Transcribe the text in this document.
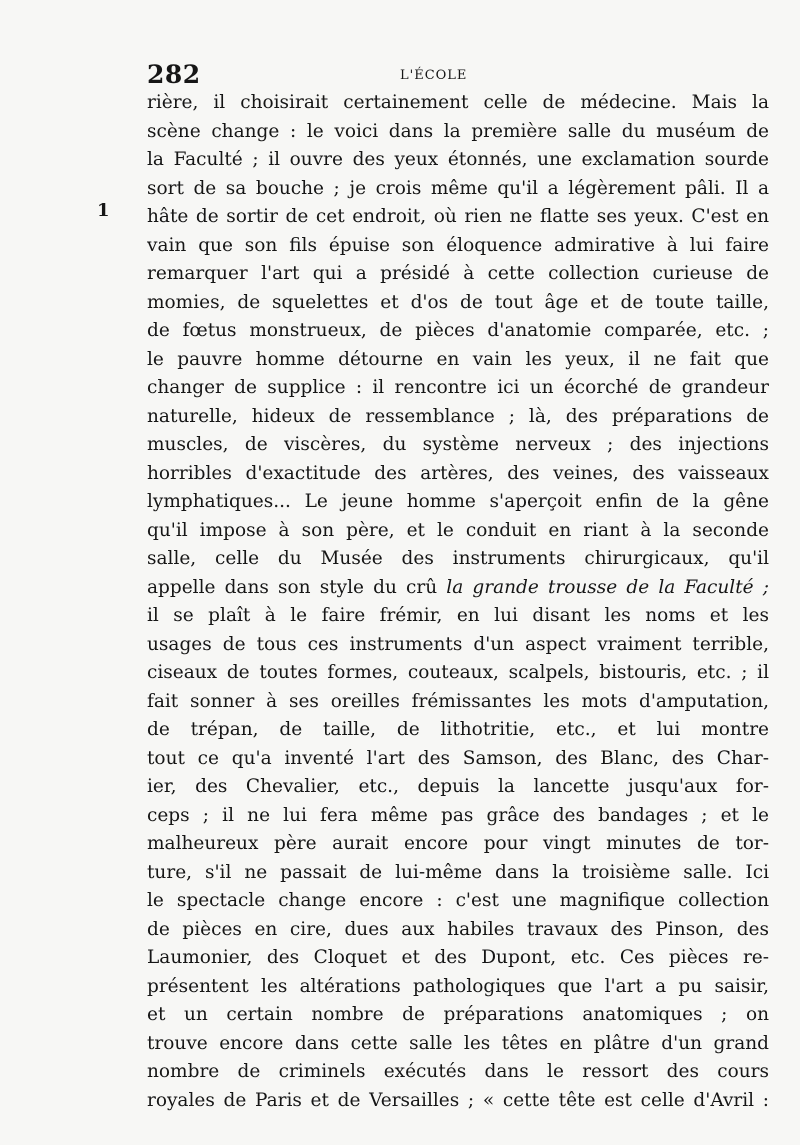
282	L'ÉCOLE
1
rière, il choisirait certainement celle de médecine. Mais la
scène change : le voici dans la première salle du muséum de
la Faculté ; il ouvre des yeux étonnés, une exclamation sourde
sort de sa bouche ; je crois même qu'il a légèrement pâli. Il a
hâte de sortir de cet endroit, où rien ne flatte ses yeux. C'est en
vain que son fils épuise son éloquence admirative à lui faire
remarquer l'art qui a présidé à cette collection curieuse de
momies, de squelettes et d'os de tout âge et de toute taille,
de fœtus monstrueux, de pièces d'anatomie comparée, etc. ;
le pauvre homme détourne en vain les yeux, il ne fait que
changer de supplice : il rencontre ici un écorché de grandeur
naturelle, hideux de ressemblance ; là, des préparations de
muscles, de viscères, du système nerveux ; des injections
horribles d'exactitude des artères, des veines, des vaisseaux
lymphatiques... Le jeune homme s'aperçoit enfin de la gêne
qu'il impose à son père, et le conduit en riant à la seconde
salle, celle du Musée des instruments chirurgicaux, qu'il
appelle dans son style du crû la grande trousse de la Faculté ;
il se plaît à le faire frémir, en lui disant les noms et les
usages de tous ces instruments d'un aspect vraiment terrible,
ciseaux de toutes formes, couteaux, scalpels, bistouris, etc. ; il
fait sonner à ses oreilles frémissantes les mots d'amputation,
de trépan, de taille, de lithotritie, etc., et lui montre
tout ce qu'a inventé l'art des Samson, des Blanc, des Char-
ier, des Chevalier, etc., depuis la lancette jusqu'aux for-
ceps ; il ne lui fera même pas grâce des bandages ; et le
malheureux père aurait encore pour vingt minutes de tor-
ture, s'il ne passait de lui-même dans la troisième salle. Ici
le spectacle change encore : c'est une magnifique collection
de pièces en cire, dues aux habiles travaux des Pinson, des
Laumonier, des Cloquet et des Dupont, etc. Ces pièces re-
présentent les altérations pathologiques que l'art a pu saisir,
et un certain nombre de préparations anatomiques ; on
trouve encore dans cette salle les têtes en plâtre d'un grand
nombre de criminels exécutés dans le ressort des cours
royales de Paris et de Versailles ; « cette tête est celle d'Avril :
